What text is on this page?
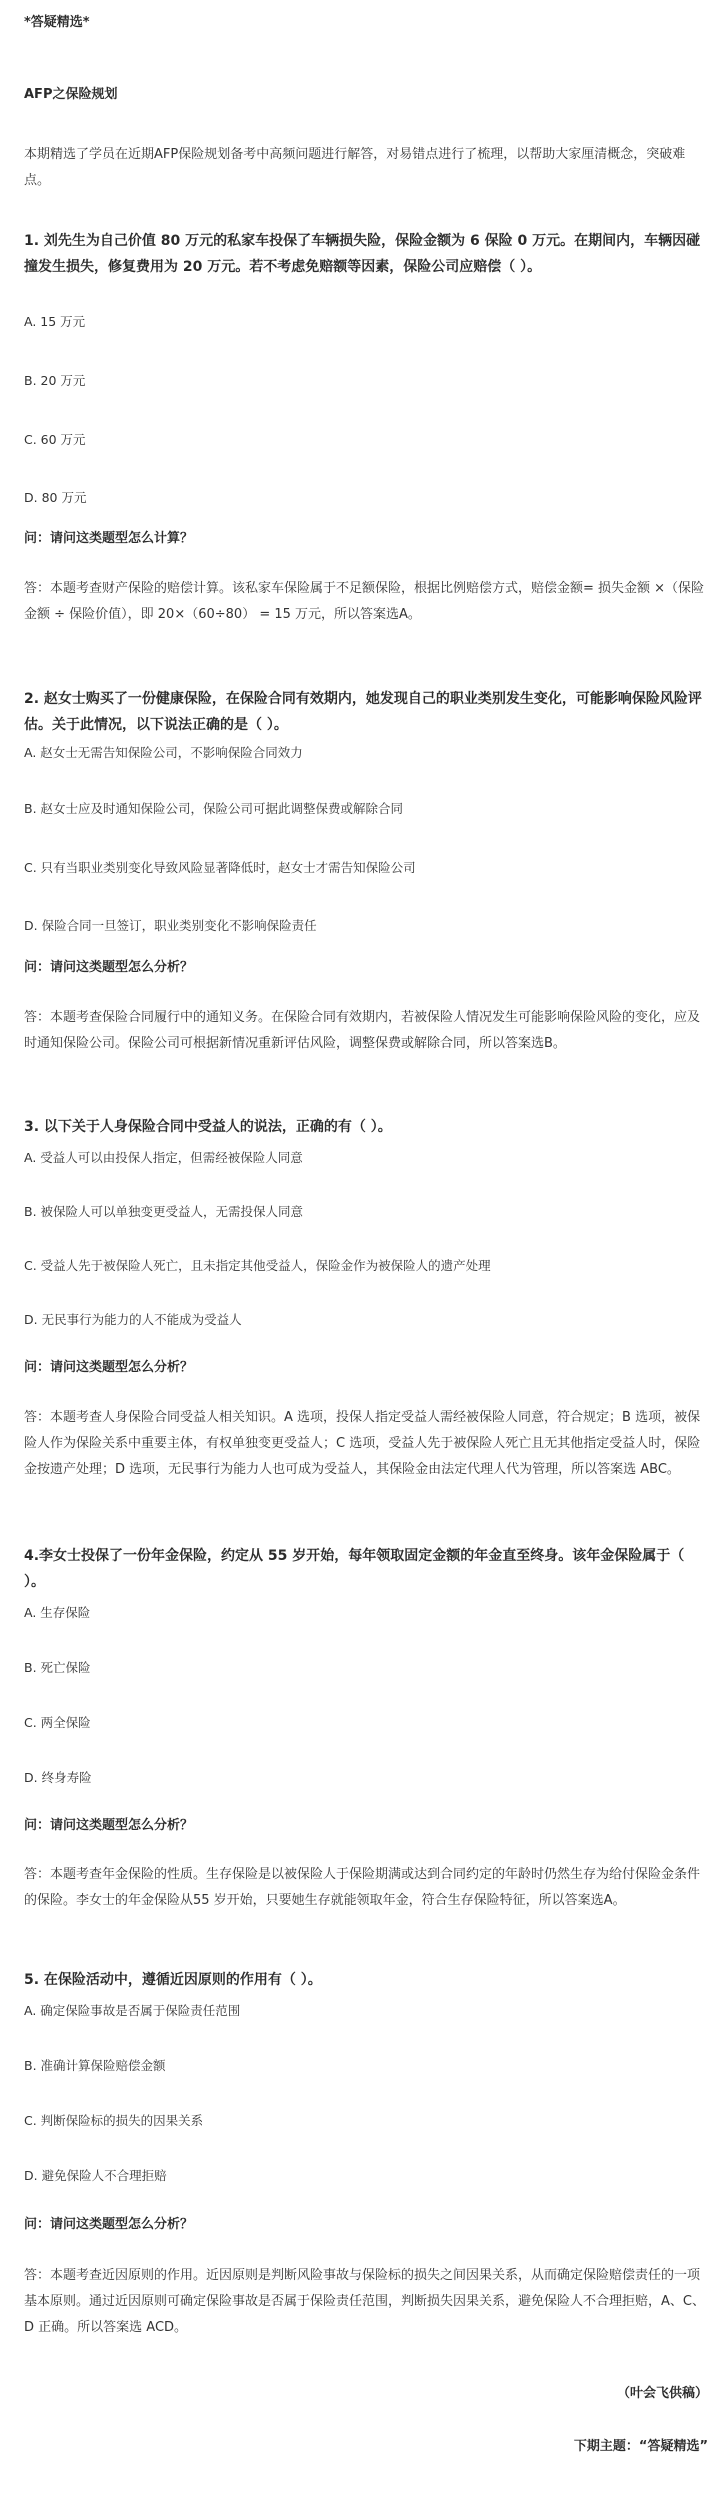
*答疑精选*

AFP之保险规划

本期精选了学员在近期AFP保险规划备考中高频问题进行解答，对易错点进行了梳理，以帮助大家厘清概念，突破难点。

1. 刘先生为自己价值 80 万元的私家车投保了车辆损失险，保险金额为 6 保险 0 万元。在期间内，车辆因碰撞发生损失，修复费用为 20 万元。若不考虑免赔额等因素，保险公司应赔偿（ ）。

A. 15 万元

B. 20 万元

C. 60 万元

D. 80 万元

问：请问这类题型怎么计算？

答：本题考查财产保险的赔偿计算。该私家车保险属于不足额保险，根据比例赔偿方式，赔偿金额= 损失金额 ×（保险金额 ÷ 保险价值），即 20×（60÷80） = 15 万元，所以答案选A。

2. 赵女士购买了一份健康保险，在保险合同有效期内，她发现自己的职业类别发生变化，可能影响保险风险评估。关于此情况，以下说法正确的是（ ）。

A. 赵女士无需告知保险公司，不影响保险合同效力

B. 赵女士应及时通知保险公司，保险公司可据此调整保费或解除合同

C. 只有当职业类别变化导致风险显著降低时，赵女士才需告知保险公司

D. 保险合同一旦签订，职业类别变化不影响保险责任

问：请问这类题型怎么分析？

答：本题考查保险合同履行中的通知义务。在保险合同有效期内，若被保险人情况发生可能影响保险风险的变化，应及时通知保险公司。保险公司可根据新情况重新评估风险，调整保费或解除合同，所以答案选B。

3. 以下关于人身保险合同中受益人的说法，正确的有（ ）。

A. 受益人可以由投保人指定，但需经被保险人同意

B. 被保险人可以单独变更受益人，无需投保人同意

C. 受益人先于被保险人死亡，且未指定其他受益人，保险金作为被保险人的遗产处理

D. 无民事行为能力的人不能成为受益人

问：请问这类题型怎么分析？

答：本题考查人身保险合同受益人相关知识。A 选项，投保人指定受益人需经被保险人同意，符合规定；B 选项，被保险人作为保险关系中重要主体，有权单独变更受益人；C 选项，受益人先于被保险人死亡且无其他指定受益人时，保险金按遗产处理；D 选项，无民事行为能力人也可成为受益人，其保险金由法定代理人代为管理，所以答案选 ABC。

4.李女士投保了一份年金保险，约定从 55 岁开始，每年领取固定金额的年金直至终身。该年金保险属于（ ）。

A. 生存保险

B. 死亡保险

C. 两全保险

D. 终身寿险

问：请问这类题型怎么分析？

答：本题考查年金保险的性质。生存保险是以被保险人于保险期满或达到合同约定的年龄时仍然生存为给付保险金条件的保险。李女士的年金保险从55 岁开始，只要她生存就能领取年金，符合生存保险特征，所以答案选A。

5. 在保险活动中，遵循近因原则的作用有（ ）。

A. 确定保险事故是否属于保险责任范围

B. 准确计算保险赔偿金额

C. 判断保险标的损失的因果关系

D. 避免保险人不合理拒赔

问：请问这类题型怎么分析？

答：本题考查近因原则的作用。近因原则是判断风险事故与保险标的损失之间因果关系，从而确定保险赔偿责任的一项基本原则。通过近因原则可确定保险事故是否属于保险责任范围，判断损失因果关系，避免保险人不合理拒赔，A、C、D 正确。所以答案选 ACD。

（叶会飞供稿）

下期主题：“答疑精选”
